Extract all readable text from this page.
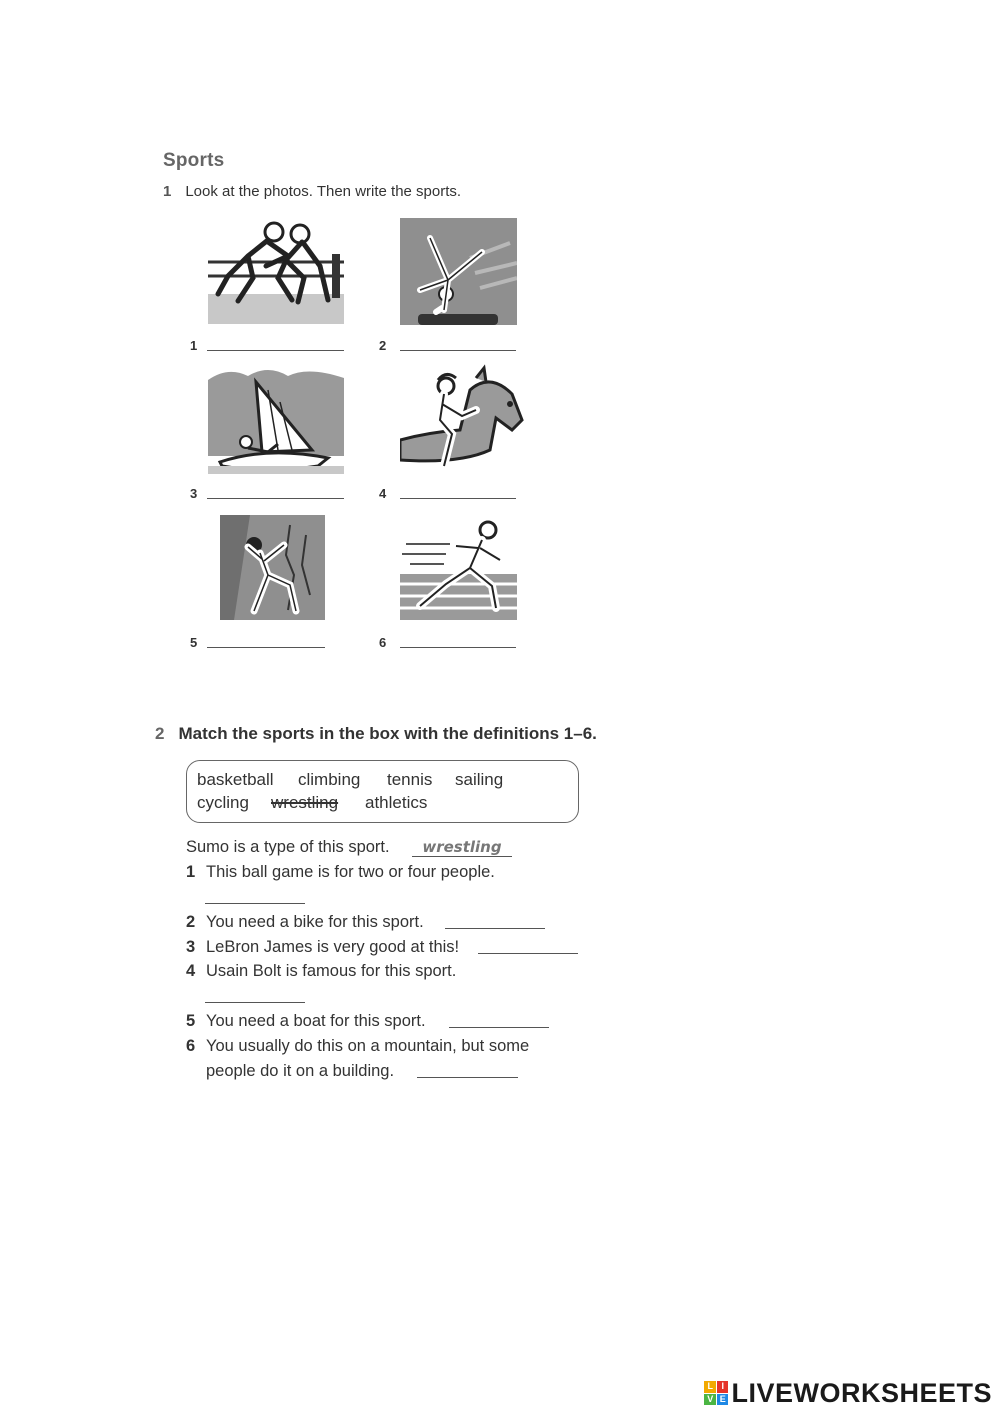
Sports
1 Look at the photos. Then write the sports.
1	2
3	4
5	6
2 Match the sports in the box with the definitions 1–6.
basketball climbing tennis sailing
cycling wrestling athletics
Sumo is a type of this sport.	wrestling
1 This ball game is for two or four people.
2 You need a bike for this sport.
3 LeBron James is very good at this!
4 Usain Bolt is famous for this sport.
5 You need a boat for this sport.
6 You usually do this on a mountain, but some
people do it on a building.
L I
V E LIVEWORKSHEETS
